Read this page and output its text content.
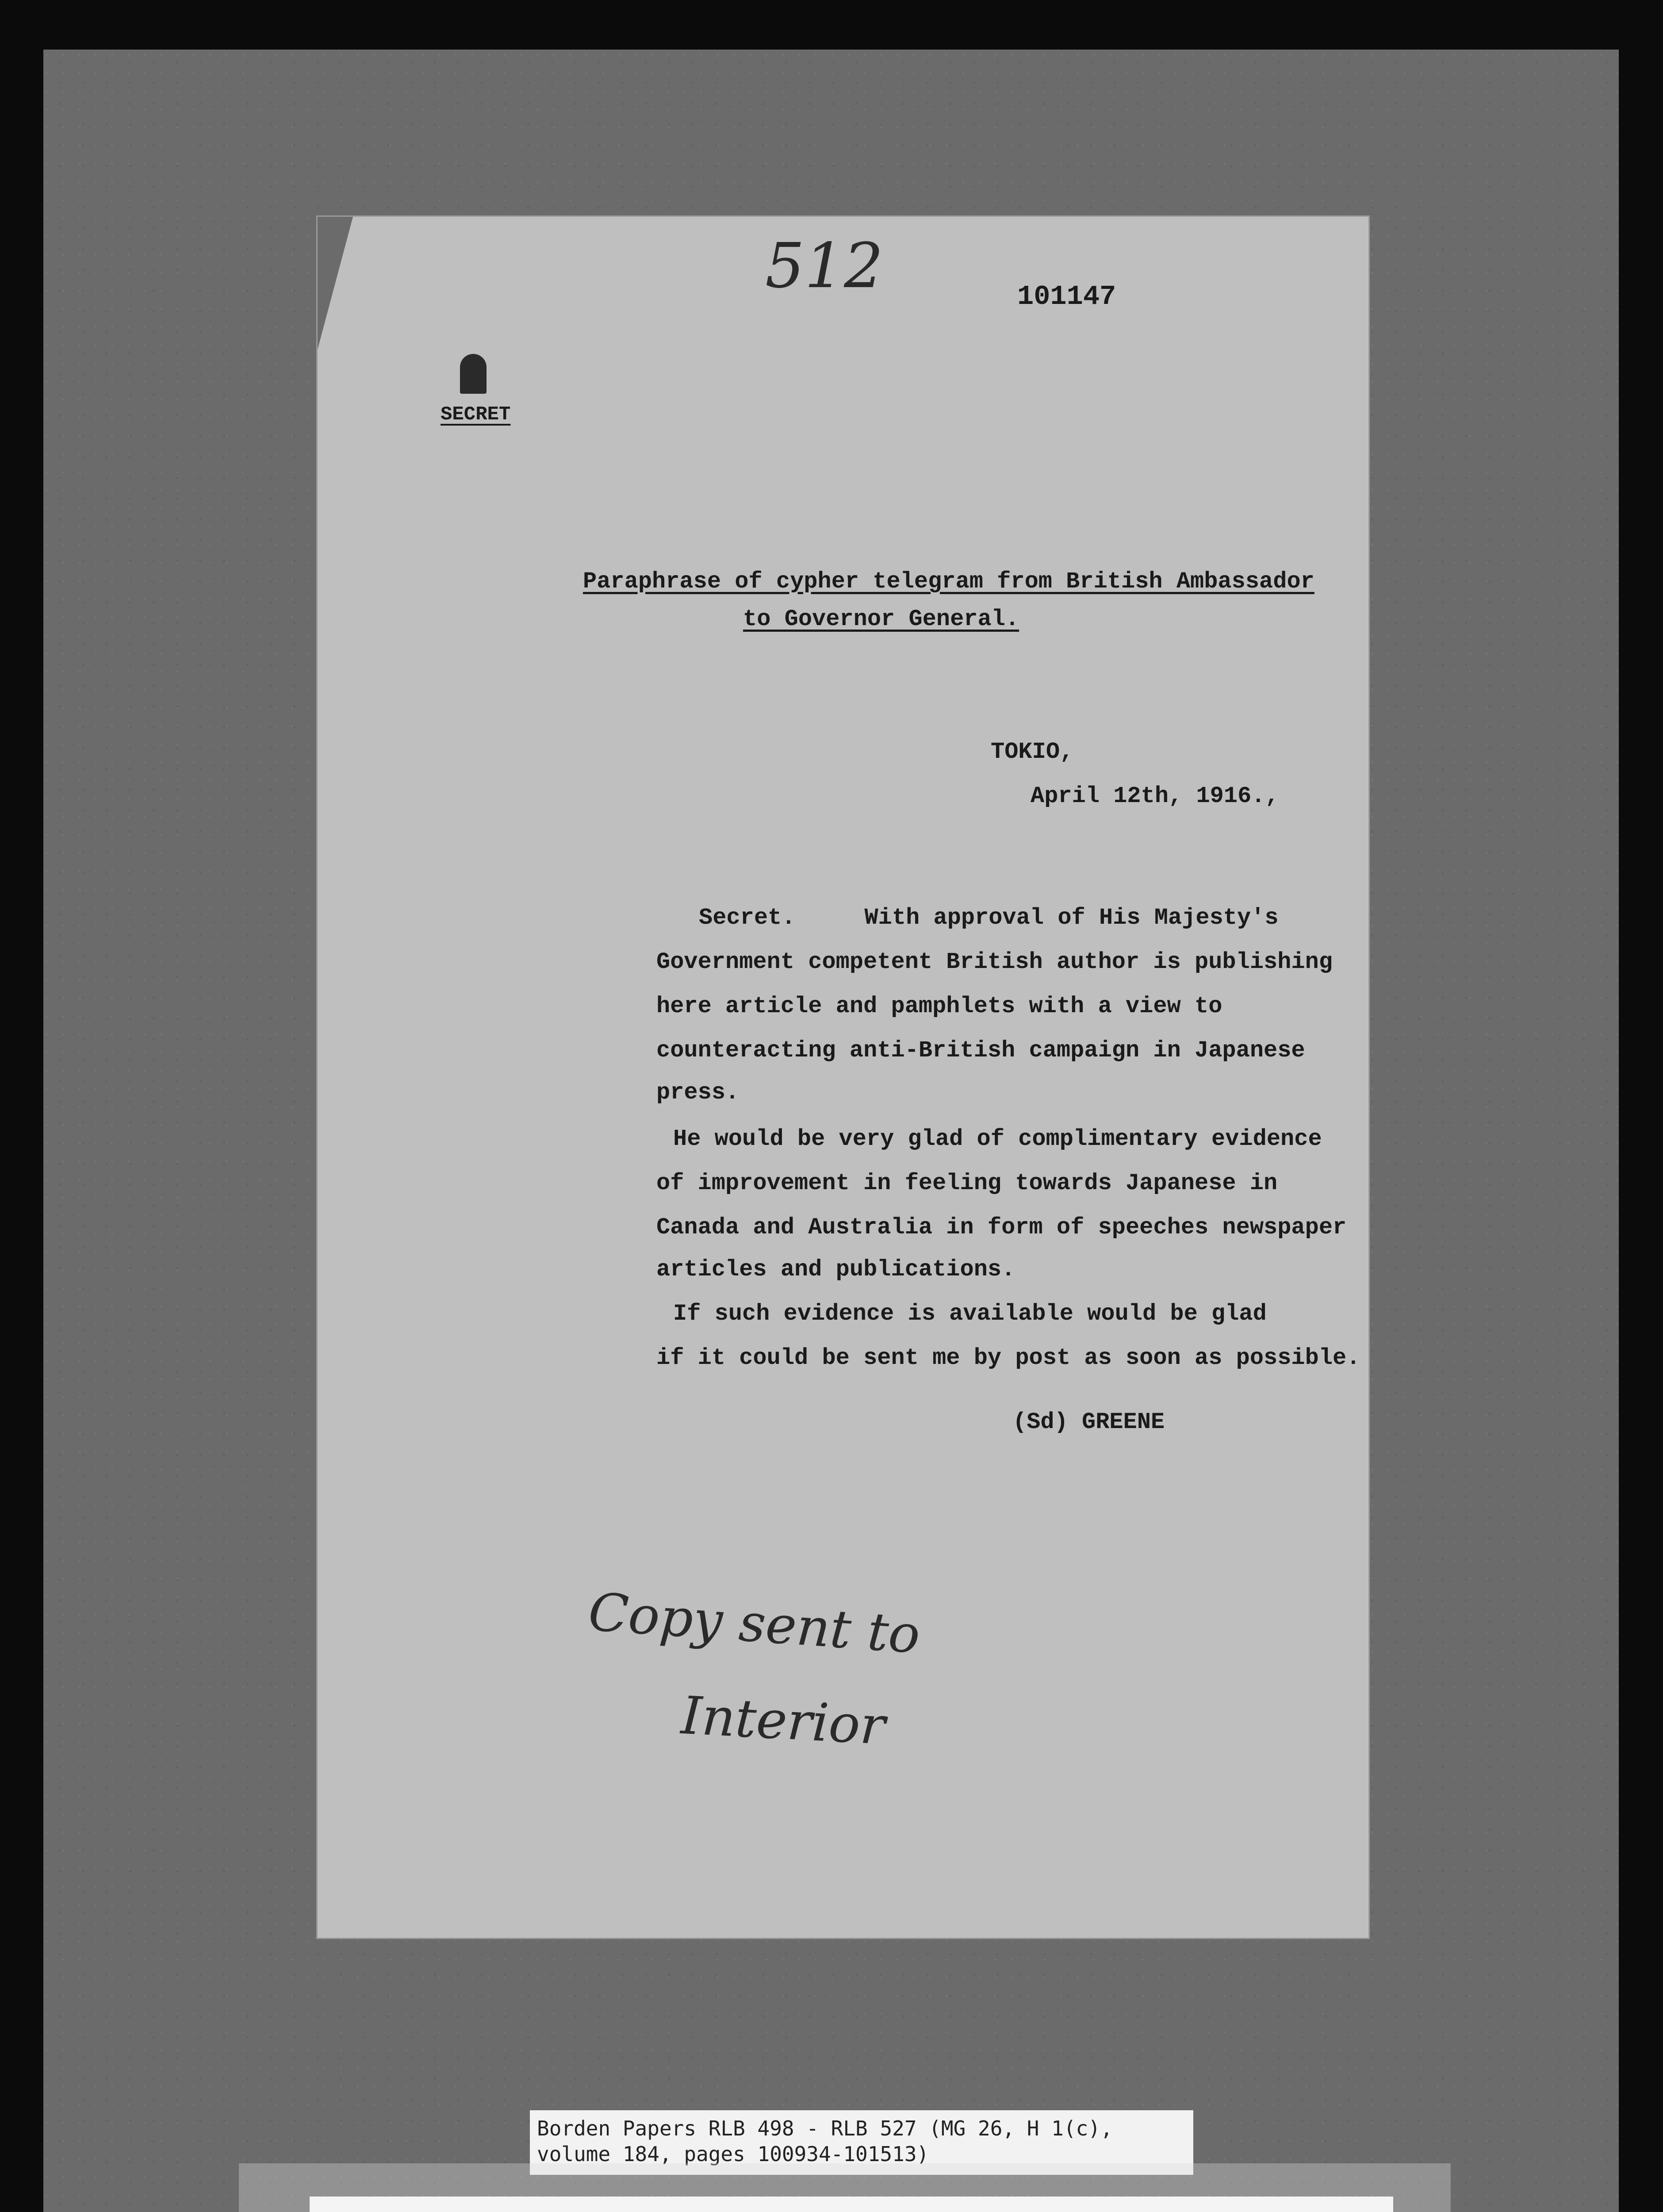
512	101147
SECRET
Paraphrase of cypher telegram from British Ambassador
to Governor General.
TOKIO,
April 12th, 1916.,
Secret.     With approval of His Majesty's
Government competent British author is publishing
here article and pamphlets with a view to
counteracting anti-British campaign in Japanese
press.
He would be very glad of complimentary evidence
of improvement in feeling towards Japanese in
Canada and Australia in form of speeches newspaper
articles and publications.
If such evidence is available would be glad
if it could be sent me by post as soon as possible.
(Sd) GREENE
Copy sent to
Interior
Borden Papers RLB 498 - RLB 527 (MG 26, H 1(c),
volume 184, pages 100934-101513)
